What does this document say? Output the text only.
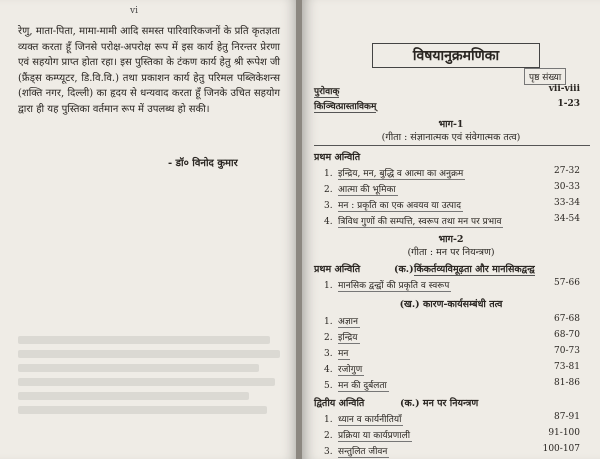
vi
रेणु, माता-पिता, मामा-मामी आदि समस्त पारिवारिकजनों के प्रति कृतज्ञता व्यक्त करता हूँ जिनसे परोक्ष-अपरोक्ष रूप में इस कार्य हेतु निरन्तर प्रेरणा एवं सहयोग प्राप्त होता रहा। इस पुस्तिका के टंकण कार्य हेतु श्री रूपेश जी (फ्रैंड्स कम्प्यूटर, डि.वि.वि.) तथा प्रकाशन कार्य हेतु परिमल पब्लिकेशन्स (शक्ति नगर, दिल्ली) का हृदय से धन्यवाद करता हूँ जिनके उचित सहयोग द्वारा ही यह पुस्तिका वर्तमान रूप में उपलब्ध हो सकी।
- डॉ० विनोद कुमार
विषयानुक्रमणिका
पृष्ठ संख्या
पुरोवाक्	vii-viii
किञ्चित्प्रास्ताविकम्	1-23
भाग-1
(गीता : संज्ञानात्मक एवं संवेगात्मक तत्व)
प्रथम अन्विति
1. इन्द्रिय, मन, बुद्धि व आत्मा का अनुक्रम	27-32
2. आत्मा की भूमिका	30-33
3. मन : प्रकृति का एक अवयव या उत्पाद	33-34
4. त्रिविध गुणों की सम्पत्ति, स्वरूप तथा मन पर प्रभाव	34-54
भाग-2
(गीता : मन पर नियन्त्रण)
प्रथम अन्विति	(क.) किंकर्तव्यविमूढ़ता और मानसिकद्वन्द्व
1. मानसिक द्वन्द्वों की प्रकृति व स्वरूप	57-66
(ख.) कारण-कार्यसम्बंधी तत्व
1. अज्ञान	67-68
2. इन्द्रिय	68-70
3. मन	70-73
4. रजोगुण	73-81
5. मन की दुर्बलता	81-86
द्वितीय अन्विति	(क.) मन पर नियन्त्रण
1. ध्यान व कार्यनीतियाँ	87-91
2. प्रक्रिया या कार्यप्रणाली	91-100
3. सन्तुलित जीवन	100-107
